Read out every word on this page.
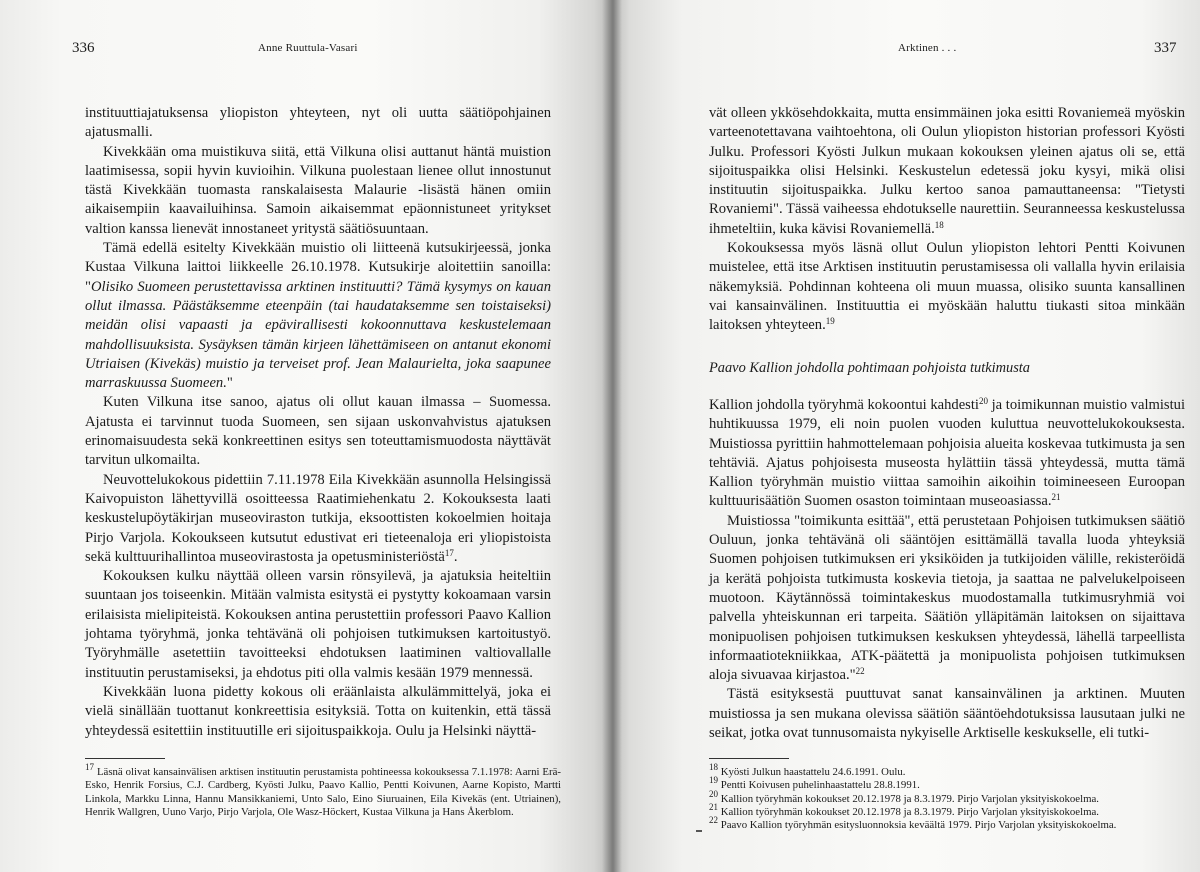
336	Anne Ruuttula-Vasari

instituuttiajatuksensa yliopiston yhteyteen, nyt oli uutta säätiöpohjainen ajatusmalli.

Kivekkään oma muistikuva siitä, että Vilkuna olisi auttanut häntä muistion laatimisessa, sopii hyvin kuvioihin. Vilkuna puolestaan lienee ollut innostunut tästä Kivekkään tuomasta ranskalaisesta Malaurie -lisästä hänen omiin aikaisempiin kaavailuihinsa. Samoin aikaisemmat epäonnistuneet yritykset valtion kanssa lienevät innostaneet yritystä säätiösuuntaan.

Tämä edellä esitelty Kivekkään muistio oli liitteenä kutsukirjeessä, jonka Kustaa Vilkuna laittoi liikkeelle 26.10.1978. Kutsukirje aloitettiin sanoilla: "Olisiko Suomeen perustettavissa arktinen instituutti? Tämä kysymys on kauan ollut ilmassa. Päästäksemme eteenpäin (tai haudataksemme sen toistaiseksi) meidän olisi vapaasti ja epävirallisesti kokoonnuttava keskustelemaan mahdollisuuksista. Sysäyksen tämän kirjeen lähettämiseen on antanut ekonomi Utriaisen (Kivekäs) muistio ja terveiset prof. Jean Malaurielta, joka saapunee marraskuussa Suomeen."

Kuten Vilkuna itse sanoo, ajatus oli ollut kauan ilmassa – Suomessa. Ajatusta ei tarvinnut tuoda Suomeen, sen sijaan uskonvahvistus ajatuksen erinomaisuudesta sekä konkreettinen esitys sen toteuttamismuodosta näyttävät tarvitun ulkomailta.

Neuvottelukokous pidettiin 7.11.1978 Eila Kivekkään asunnolla Helsingissä Kaivopuiston lähettyvillä osoitteessa Raatimiehenkatu 2. Kokouksesta laati keskustelupöytäkirjan museoviraston tutkija, eksoottisten kokoelmien hoitaja Pirjo Varjola. Kokoukseen kutsutut edustivat eri tieteenaloja eri yliopistoista sekä kulttuurihallintoa museovirastosta ja opetusministeriöstä$^{17}$.

Kokouksen kulku näyttää olleen varsin rönsyilevä, ja ajatuksia heiteltiin suuntaan jos toiseenkin. Mitään valmista esitystä ei pystytty kokoamaan varsin erilaisista mielipiteistä. Kokouksen antina perustettiin professori Paavo Kallion johtama työryhmä, jonka tehtävänä oli pohjoisen tutkimuksen kartoitustyö. Työryhmälle asetettiin tavoitteeksi ehdotuksen laatiminen valtiovallalle instituutin perustamiseksi, ja ehdotus piti olla valmis kesään 1979 mennessä.

Kivekkään luona pidetty kokous oli eräänlaista alkulämmittelyä, joka ei vielä sinällään tuottanut konkreettisia esityksiä. Totta on kuitenkin, että tässä yhteydessä esitettiin instituutille eri sijoituspaikkoja. Oulu ja Helsinki näyttä-

$^{17}$ Läsnä olivat kansainvälisen arktisen instituutin perustamista pohtineessa kokouksessa 7.1.1978: Aarni Erä-Esko, Henrik Forsius, C.J. Cardberg, Kyösti Julku, Paavo Kallio, Pentti Koivunen, Aarne Kopisto, Martti Linkola, Markku Linna, Hannu Mansikkaniemi, Unto Salo, Eino Siuruainen, Eila Kivekäs (ent. Utriainen), Henrik Wallgren, Uuno Varjo, Pirjo Varjola, Ole Wasz-Höckert, Kustaa Vilkuna ja Hans Åkerblom.

Arktinen . . .	337

vät olleen ykkösehdokkaita, mutta ensimmäinen joka esitti Rovaniemeä myöskin varteenotettavana vaihtoehtona, oli Oulun yliopiston historian professori Kyösti Julku. Professori Kyösti Julkun mukaan kokouksen yleinen ajatus oli se, että sijoituspaikka olisi Helsinki. Keskustelun edetessä joku kysyi, mikä olisi instituutin sijoituspaikka. Julku kertoo sanoa pamauttaneensa: "Tietysti Rovaniemi". Tässä vaiheessa ehdotukselle naurettiin. Seuranneessa keskustelussa ihmeteltiin, kuka kävisi Rovaniemellä.$^{18}$

Kokouksessa myös läsnä ollut Oulun yliopiston lehtori Pentti Koivunen muistelee, että itse Arktisen instituutin perustamisessa oli vallalla hyvin erilaisia näkemyksiä. Pohdinnan kohteena oli muun muassa, olisiko suunta kansallinen vai kansainvälinen. Instituuttia ei myöskään haluttu tiukasti sitoa minkään laitoksen yhteyteen.$^{19}$

Paavo Kallion johdolla pohtimaan pohjoista tutkimusta

Kallion johdolla työryhmä kokoontui kahdesti$^{20}$ ja toimikunnan muistio valmistui huhtikuussa 1979, eli noin puolen vuoden kuluttua neuvottelukokouksesta. Muistiossa pyrittiin hahmottelemaan pohjoisia alueita koskevaa tutkimusta ja sen tehtäviä. Ajatus pohjoisesta museosta hylättiin tässä yhteydessä, mutta tämä Kallion työryhmän muistio viittaa samoihin aikoihin toimineeseen Euroopan kulttuurisäätiön Suomen osaston toimintaan museoasiassa.$^{21}$

Muistiossa "toimikunta esittää", että perustetaan Pohjoisen tutkimuksen säätiö Ouluun, jonka tehtävänä oli sääntöjen esittämällä tavalla luoda yhteyksiä Suomen pohjoisen tutkimuksen eri yksiköiden ja tutkijoiden välille, rekisteröidä ja kerätä pohjoista tutkimusta koskevia tietoja, ja saattaa ne palvelukelpoiseen muotoon. Käytännössä toimintakeskus muodostamalla tutkimusryhmiä voi palvella yhteiskunnan eri tarpeita. Säätiön ylläpitämän laitoksen on sijaittava monipuolisen pohjoisen tutkimuksen keskuksen yhteydessä, lähellä tarpeellista informaatiotekniikkaa, ATK-päätettä ja monipuolista pohjoisen tutkimuksen aloja sivuavaa kirjastoa."$^{22}$

Tästä esityksestä puuttuvat sanat kansainvälinen ja arktinen. Muuten muistiossa ja sen mukana olevissa säätiön sääntöehdotuksissa lausutaan julki ne seikat, jotka ovat tunnusomaista nykyiselle Arktiselle keskukselle, eli tutki-

$^{18}$ Kyösti Julkun haastattelu 24.6.1991. Oulu.

$^{19}$ Pentti Koivusen puhelinhaastattelu 28.8.1991.

$^{20}$ Kallion työryhmän kokoukset 20.12.1978 ja 8.3.1979. Pirjo Varjolan yksityiskokoelma.

$^{21}$ Kallion työryhmän kokoukset 20.12.1978 ja 8.3.1979. Pirjo Varjolan yksityiskokoelma.

$^{22}$ Paavo Kallion työryhmän esitysluonnoksia keväältä 1979. Pirjo Varjolan yksityiskokoelma.
